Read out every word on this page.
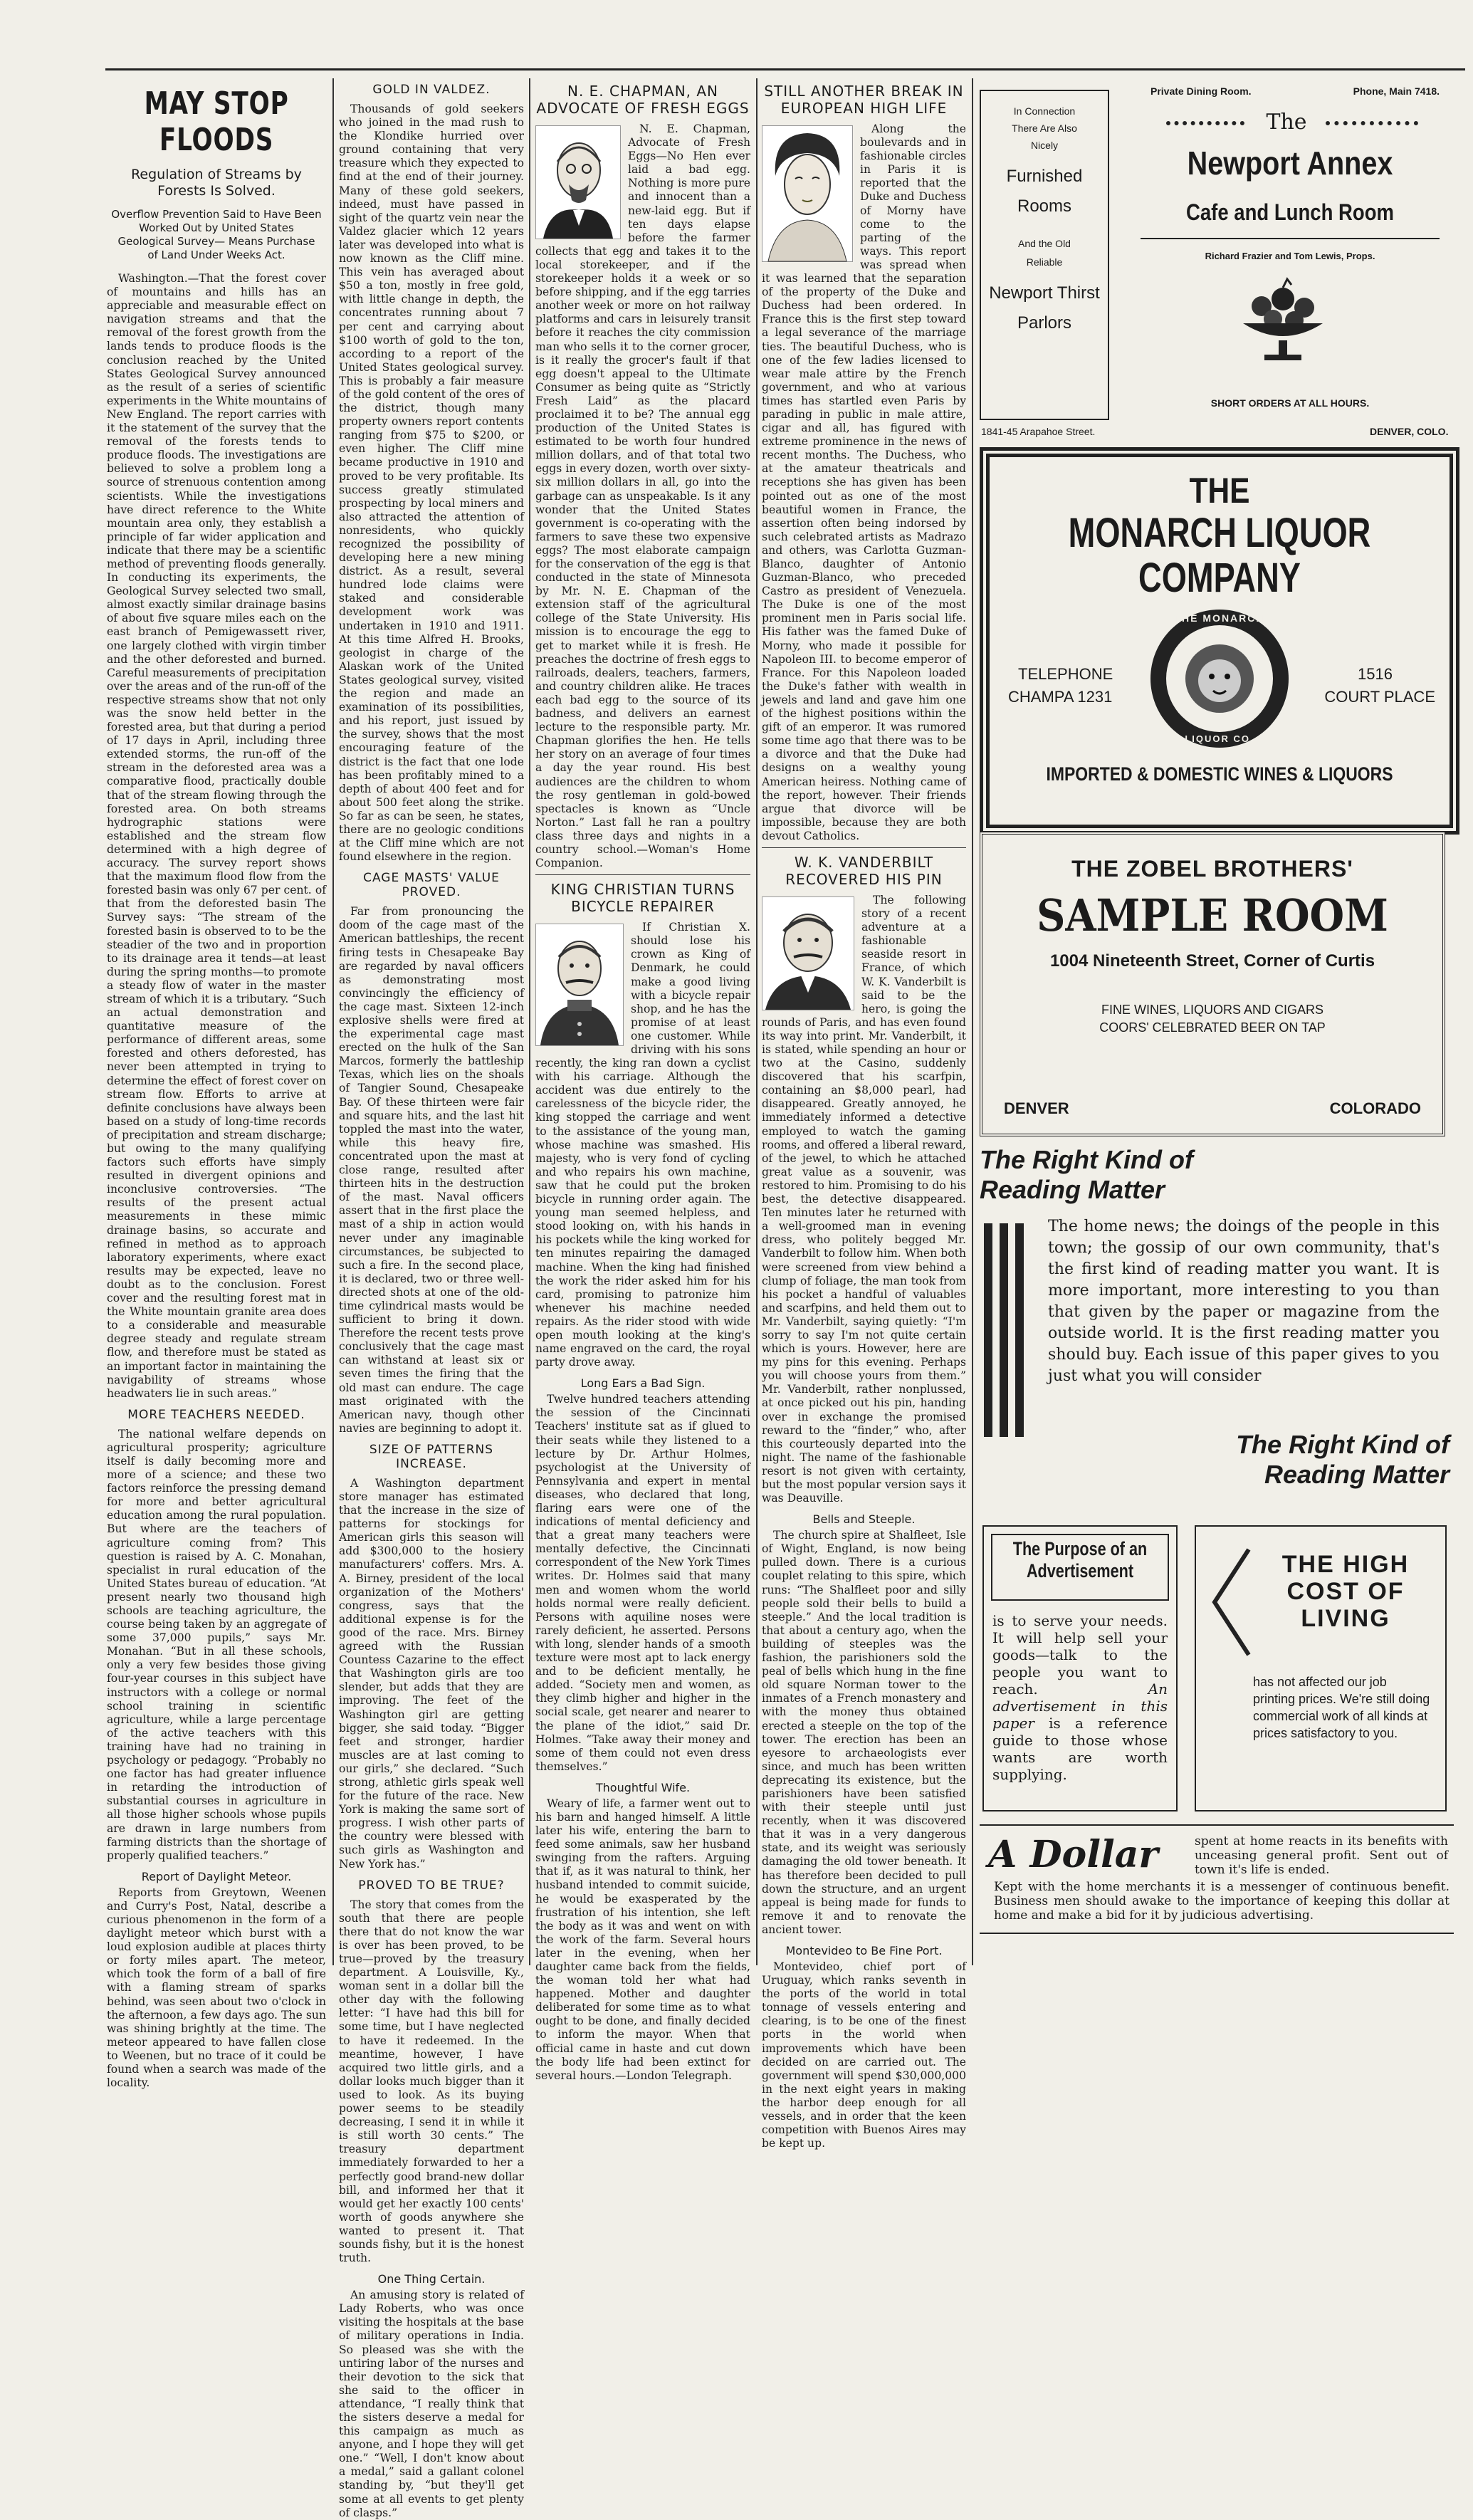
MAY STOP FLOODS
Regulation of Streams by Forests Is Solved.
Overflow Prevention Said to Have Been Worked Out by United States Geological Survey— Means Purchase of Land Under Weeks Act.

Washington.—That the forest cover of mountains and hills has an appreciable and measurable effect on navigation streams and that the removal of the forest growth from the lands tends to produce floods is the conclusion reached by the United States Geological Survey announced as the result of a series of scientific experiments in the White mountains of New England. The report carries with it the statement of the survey that the removal of the forests tends to produce floods. The investigations are believed to solve a problem long a source of strenuous contention among scientists. While the investigations have direct reference to the White mountain area only, they establish a principle of far wider application and indicate that there may be a scientific method of preventing floods generally. In conducting its experiments, the Geological Survey selected two small, almost exactly similar drainage basins of about five square miles each on the east branch of Pemigewassett river, one largely clothed with virgin timber and the other deforested and burned. Careful measurements of precipitation over the areas and of the run-off of the respective streams show that not only was the snow held better in the forested area, but that during a period of 17 days in April, including three extended storms, the run-off of the stream in the deforested area was a comparative flood, practically double that of the stream flowing through the forested area. On both streams hydrographic stations were established and the stream flow determined with a high degree of accuracy. The survey report shows that the maximum flood flow from the forested basin was only 67 per cent. of that from the deforested basin The Survey says: “The stream of the forested basin is observed to to be the steadier of the two and in proportion to its drainage area it tends—at least during the spring months—to promote a steady flow of water in the master stream of which it is a tributary. “Such an actual demonstration and quantitative measure of the performance of different areas, some forested and others deforested, has never been attempted in trying to determine the effect of forest cover on stream flow. Efforts to arrive at definite conclusions have always been based on a study of long-time records of precipitation and stream discharge; but owing to the many qualifying factors such efforts have simply resulted in divergent opinions and inconclusive controversies. “The results of the present actual measurements in these mimic drainage basins, so accurate and refined in method as to approach laboratory experiments, where exact results may be expected, leave no doubt as to the conclusion. Forest cover and the resulting forest mat in the White mountain granite area does to a considerable and measurable degree steady and regulate stream flow, and therefore must be stated as an important factor in maintaining the navigability of streams whose headwaters lie in such areas.”

MORE TEACHERS NEEDED.

The national welfare depends on agricultural prosperity; agriculture itself is daily becoming more and more of a science; and these two factors reinforce the pressing demand for more and better agricultural education among the rural population. But where are the teachers of agriculture coming from? This question is raised by A. C. Monahan, specialist in rural education of the United States bureau of education. “At present nearly two thousand high schools are teaching agriculture, the course being taken by an aggregate of some 37,000 pupils,” says Mr. Monahan. “But in all these schools, only a very few besides those giving four-year courses in this subject have instructors with a college or normal school training in scientific agriculture, while a large percentage of the active teachers with this training have had no training in psychology or pedagogy. “Probably no one factor has had greater influence in retarding the introduction of substantial courses in agriculture in all those higher schools whose pupils are drawn in large numbers from farming districts than the shortage of properly qualified teachers.”

Report of Daylight Meteor.

Reports from Greytown, Weenen and Curry's Post, Natal, describe a curious phenomenon in the form of a daylight meteor which burst with a loud explosion audible at places thirty or forty miles apart. The meteor, which took the form of a ball of fire with a flaming stream of sparks behind, was seen about two o'clock in the afternoon, a few days ago. The sun was shining brightly at the time. The meteor appeared to have fallen close to Weenen, but no trace of it could be found when a search was made of the locality.

GOLD IN VALDEZ.

Thousands of gold seekers who joined in the mad rush to the Klondike hurried over ground containing that very treasure which they expected to find at the end of their journey. Many of these gold seekers, indeed, must have passed in sight of the quartz vein near the Valdez glacier which 12 years later was developed into what is now known as the Cliff mine. This vein has averaged about $50 a ton, mostly in free gold, with little change in depth, the concentrates running about 7 per cent and carrying about $100 worth of gold to the ton, according to a report of the United States geological survey. This is probably a fair measure of the gold content of the ores of the district, though many property owners report contents ranging from $75 to $200, or even higher. The Cliff mine became productive in 1910 and proved to be very profitable. Its success greatly stimulated prospecting by local miners and also attracted the attention of nonresidents, who quickly recognized the possibility of developing here a new mining district. As a result, several hundred lode claims were staked and considerable development work was undertaken in 1910 and 1911. At this time Alfred H. Brooks, geologist in charge of the Alaskan work of the United States geological survey, visited the region and made an examination of its possibilities, and his report, just issued by the survey, shows that the most encouraging feature of the district is the fact that one lode has been profitably mined to a depth of about 400 feet and for about 500 feet along the strike. So far as can be seen, he states, there are no geologic conditions at the Cliff mine which are not found elsewhere in the region.

CAGE MASTS' VALUE PROVED.

Far from pronouncing the doom of the cage mast of the American battleships, the recent firing tests in Chesapeake Bay are regarded by naval officers as demonstrating most convincingly the efficiency of the cage mast. Sixteen 12-inch explosive shells were fired at the experimental cage mast erected on the hulk of the San Marcos, formerly the battleship Texas, which lies on the shoals of Tangier Sound, Chesapeake Bay. Of these thirteen were fair and square hits, and the last hit toppled the mast into the water, while this heavy fire, concentrated upon the mast at close range, resulted after thirteen hits in the destruction of the mast. Naval officers assert that in the first place the mast of a ship in action would never under any imaginable circumstances, be subjected to such a fire. In the second place, it is declared, two or three well-directed shots at one of the old-time cylindrical masts would be sufficient to bring it down. Therefore the recent tests prove conclusively that the cage mast can withstand at least six or seven times the firing that the old mast can endure. The cage mast originated with the American navy, though other navies are beginning to adopt it.

SIZE OF PATTERNS INCREASE.

A Washington department store manager has estimated that the increase in the size of patterns for stockings for American girls this season will add $300,000 to the hosiery manufacturers' coffers. Mrs. A. A. Birney, president of the local organization of the Mothers' congress, says that the additional expense is for the good of the race. Mrs. Birney agreed with the Russian Countess Cazarine to the effect that Washington girls are too slender, but adds that they are improving. The feet of the Washington girl are getting bigger, she said today. “Bigger feet and stronger, hardier muscles are at last coming to our girls,” she declared. “Such strong, athletic girls speak well for the future of the race. New York is making the same sort of progress. I wish other parts of the country were blessed with such girls as Washington and New York has.”

PROVED TO BE TRUE?

The story that comes from the south that there are people there that do not know the war is over has been proved, to be true—proved by the treasury department. A Louisville, Ky., woman sent in a dollar bill the other day with the following letter: “I have had this bill for some time, but I have neglected to have it redeemed. In the meantime, however, I have acquired two little girls, and a dollar looks much bigger than it used to look. As its buying power seems to be steadily decreasing, I send it in while it is still worth 30 cents.” The treasury department immediately forwarded to her a perfectly good brand-new dollar bill, and informed her that it would get her exactly 100 cents' worth of goods anywhere she wanted to present it. That sounds fishy, but it is the honest truth.

One Thing Certain.

An amusing story is related of Lady Roberts, who was once visiting the hospitals at the base of military operations in India. So pleased was she with the untiring labor of the nurses and their devotion to the sick that she said to the officer in attendance, “I really think that the sisters deserve a medal for this campaign as much as anyone, and I hope they will get one.” “Well, I don't know about a medal,” said a gallant colonel standing by, “but they'll get some at all events to get plenty of clasps.”

N. E. CHAPMAN, AN ADVOCATE OF FRESH EGGS

N. E. Chapman, Advocate of Fresh Eggs—No Hen ever laid a bad egg. Nothing is more pure and innocent than a new-laid egg. But if ten days elapse before the farmer collects that egg and takes it to the local storekeeper, and if the storekeeper holds it a week or so before shipping, and if the egg tarries another week or more on hot railway platforms and cars in leisurely transit before it reaches the city commission man who sells it to the corner grocer, is it really the grocer's fault if that egg doesn't appeal to the Ultimate Consumer as being quite as “Strictly Fresh Laid” as the placard proclaimed it to be? The annual egg production of the United States is estimated to be worth four hundred million dollars, and of that total two eggs in every dozen, worth over sixty-six million dollars in all, go into the garbage can as unspeakable. Is it any wonder that the United States government is co-operating with the farmers to save these two expensive eggs? The most elaborate campaign for the conservation of the egg is that conducted in the state of Minnesota by Mr. N. E. Chapman of the extension staff of the agricultural college of the State University. His mission is to encourage the egg to get to market while it is fresh. He preaches the doctrine of fresh eggs to railroads, dealers, teachers, farmers, and country children alike. He traces each bad egg to the source of its badness, and delivers an earnest lecture to the responsible party. Mr. Chapman glorifies the hen. He tells her story on an average of four times a day the year round. His best audiences are the children to whom the rosy gentleman in gold-bowed spectacles is known as “Uncle Norton.” Last fall he ran a poultry class three days and nights in a country school.—Woman's Home Companion.

KING CHRISTIAN TURNS BICYCLE REPAIRER

If Christian X. should lose his crown as King of Denmark, he could make a good living with a bicycle repair shop, and he has the promise of at least one customer. While driving with his sons recently, the king ran down a cyclist with his carriage. Although the accident was due entirely to the carelessness of the bicycle rider, the king stopped the carriage and went to the assistance of the young man, whose machine was smashed. His majesty, who is very fond of cycling and who repairs his own machine, saw that he could put the broken bicycle in running order again. The young man seemed helpless, and stood looking on, with his hands in his pockets while the king worked for ten minutes repairing the damaged machine. When the king had finished the work the rider asked him for his card, promising to patronize him whenever his machine needed repairs. As the rider stood with wide open mouth looking at the king's name engraved on the card, the royal party drove away.

Long Ears a Bad Sign.

Twelve hundred teachers attending the session of the Cincinnati Teachers' institute sat as if glued to their seats while they listened to a lecture by Dr. Arthur Holmes, psychologist at the University of Pennsylvania and expert in mental diseases, who declared that long, flaring ears were one of the indications of mental deficiency and that a great many teachers were mentally defective, the Cincinnati correspondent of the New York Times writes. Dr. Holmes said that many men and women whom the world holds normal were really deficient. Persons with aquiline noses were rarely deficient, he asserted. Persons with long, slender hands of a smooth texture were most apt to lack energy and to be deficient mentally, he added. “Society men and women, as they climb higher and higher in the social scale, get nearer and nearer to the plane of the idiot,” said Dr. Holmes. “Take away their money and some of them could not even dress themselves.”

Thoughtful Wife.

Weary of life, a farmer went out to his barn and hanged himself. A little later his wife, entering the barn to feed some animals, saw her husband swinging from the rafters. Arguing that if, as it was natural to think, her husband intended to commit suicide, he would be exasperated by the frustration of his intention, she left the body as it was and went on with the work of the farm. Several hours later in the evening, when her daughter came back from the fields, the woman told her what had happened. Mother and daughter deliberated for some time as to what ought to be done, and finally decided to inform the mayor. When that official came in haste and cut down the body life had been extinct for several hours.—London Telegraph.

STILL ANOTHER BREAK IN EUROPEAN HIGH LIFE

Along the boulevards and in fashionable circles in Paris it is reported that the Duke and Duchess of Morny have come to the parting of the ways. This report was spread when it was learned that the separation of the property of the Duke and Duchess had been ordered. In France this is the first step toward a legal severance of the marriage ties. The beautiful Duchess, who is one of the few ladies licensed to wear male attire by the French government, and who at various times has startled even Paris by parading in public in male attire, cigar and all, has figured with extreme prominence in the news of recent months. The Duchess, who at the amateur theatricals and receptions she has given has been pointed out as one of the most beautiful women in France, the assertion often being indorsed by such celebrated artists as Madrazo and others, was Carlotta Guzman-Blanco, daughter of Antonio Guzman-Blanco, who preceded Castro as president of Venezuela. The Duke is one of the most prominent men in Paris social life. His father was the famed Duke of Morny, who made it possible for Napoleon III. to become emperor of France. For this Napoleon loaded the Duke's father with wealth in jewels and land and gave him one of the highest positions within the gift of an emperor. It was rumored some time ago that there was to be a divorce and that the Duke had designs on a wealthy young American heiress. Nothing came of the report, however. Their friends argue that divorce will be impossible, because they are both devout Catholics.

W. K. VANDERBILT RECOVERED HIS PIN

The following story of a recent adventure at a fashionable seaside resort in France, of which W. K. Vanderbilt is said to be the hero, is going the rounds of Paris, and has even found its way into print. Mr. Vanderbilt, it is stated, while spending an hour or two at the Casino, suddenly discovered that his scarfpin, containing an $8,000 pearl, had disappeared. Greatly annoyed, he immediately informed a detective employed to watch the gaming rooms, and offered a liberal reward, of the jewel, to which he attached great value as a souvenir, was restored to him. Promising to do his best, the detective disappeared. Ten minutes later he returned with a well-groomed man in evening dress, who politely begged Mr. Vanderbilt to follow him. When both were screened from view behind a clump of foliage, the man took from his pocket a handful of valuables and scarfpins, and held them out to Mr. Vanderbilt, saying quietly: “I'm sorry to say I'm not quite certain which is yours. However, here are my pins for this evening. Perhaps you will choose yours from them.” Mr. Vanderbilt, rather nonplussed, at once picked out his pin, handing over in exchange the promised reward to the “finder,” who, after this courteously departed into the night. The name of the fashionable resort is not given with certainty, but the most popular version says it was Deauville.

Bells and Steeple.

The church spire at Shalfleet, Isle of Wight, England, is now being pulled down. There is a curious couplet relating to this spire, which runs: “The Shalfleet poor and silly people sold their bells to build a steeple.” And the local tradition is that about a century ago, when the building of steeples was the fashion, the parishioners sold the peal of bells which hung in the fine old square Norman tower to the inmates of a French monastery and with the money thus obtained erected a steeple on the top of the tower. The erection has been an eyesore to archaeologists ever since, and much has been written deprecating its existence, but the parishioners have been satisfied with their steeple until just recently, when it was discovered that it was in a very dangerous state, and its weight was seriously damaging the old tower beneath. It has therefore been decided to pull down the structure, and an urgent appeal is being made for funds to remove it and to renovate the ancient tower.

Montevideo to Be Fine Port.

Montevideo, chief port of Uruguay, which ranks seventh in the ports of the world in total tonnage of vessels entering and clearing, is to be one of the finest ports in the world when improvements which have been decided on are carried out. The government will spend $30,000,000 in the next eight years in making the harbor deep enough for all vessels, and in order that the keen competition with Buenos Aires may be kept up.

In Connection
There Are Also
Nicely
Furnished
Rooms
And the Old
Reliable
Newport Thirst
Parlors
1841-45 Arapahoe Street.
Private Dining Room.	Phone, Main 7418.
The
Newport Annex
Cafe and Lunch Room
Richard Frazier and Tom Lewis, Props.
SHORT ORDERS AT ALL HOURS.
DENVER, COLO.
THE
MONARCH LIQUOR
COMPANY
TELEPHONE
CHAMPA 1231
1516
COURT PLACE
THE MONARCH
LIQUOR CO.
IMPORTED & DOMESTIC WINES & LIQUORS
THE ZOBEL BROTHERS'
SAMPLE ROOM
1004 Nineteenth Street, Corner of Curtis
FINE WINES, LIQUORS AND CIGARS
COORS' CELEBRATED BEER ON TAP
DENVER	COLORADO
The Right Kind of
Reading Matter
The home news; the doings of the people in this town; the gossip of our own community, that's the first kind of reading matter you want. It is more important, more interesting to you than that given by the paper or magazine from the outside world. It is the first reading matter you should buy. Each issue of this paper gives to you just what you will consider
The Right Kind of
Reading Matter
The Purpose of an
Advertisement
is to serve your needs. It will help sell your goods—talk to the people you want to reach.	An advertisement in this paper is a reference guide to those whose wants are worth supplying.
THE HIGH
COST OF
LIVING
has not affected our job printing prices. We're still doing commercial work of all kinds at prices satisfactory to you.
A Dollar	spent at home reacts in its benefits with unceasing general profit. Sent out of town it's life is ended.
Kept with the home merchants it is a messenger of continuous benefit. Business men should awake to the importance of keeping this dollar at home and make a bid for it by judicious advertising.
